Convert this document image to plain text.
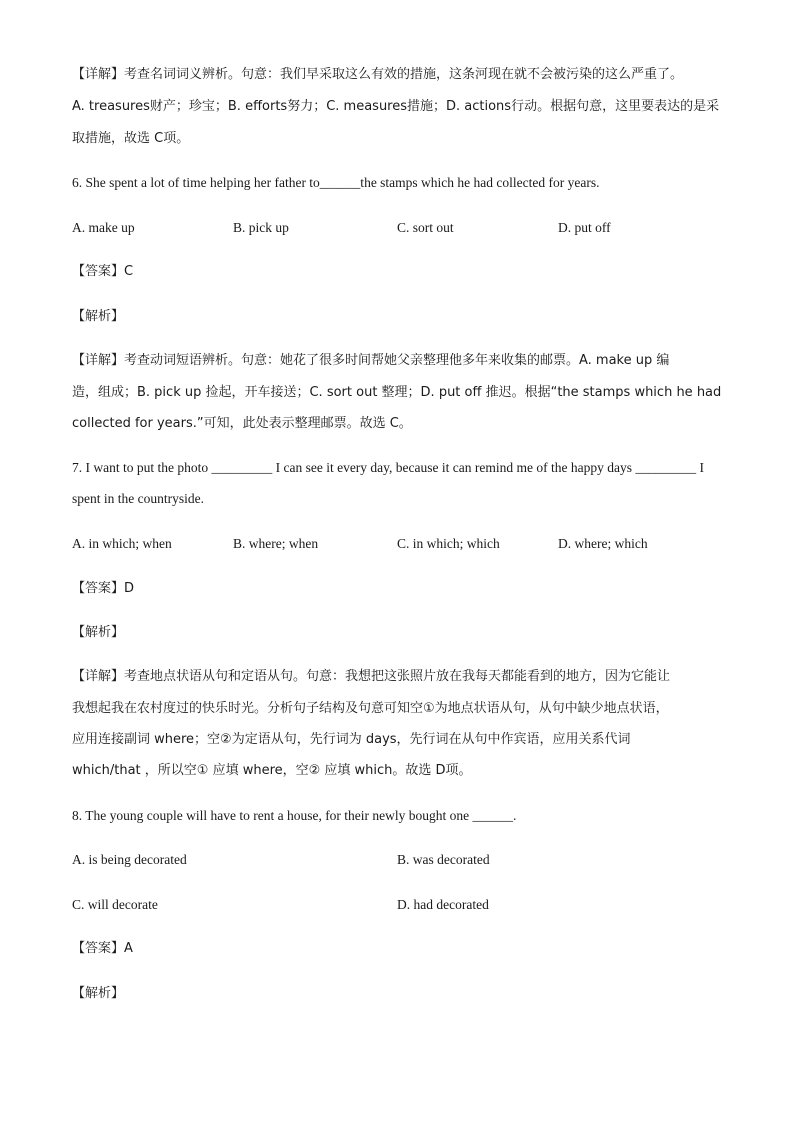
【详解】考查名词词义辨析。句意：我们早采取这么有效的措施，这条河现在就不会被污染的这么严重了。
A. treasures财产；珍宝；B. efforts努力；C. measures措施；D. actions行动。根据句意，这里要表达的是采
取措施，故选 C项。
6. She spent a lot of time helping her father to______the stamps which he had collected for years.
A. make up	B. pick up	C. sort out	D. put off
【答案】C
【解析】
【详解】考查动词短语辨析。句意：她花了很多时间帮她父亲整理他多年来收集的邮票。A. make up 编
造，组成；B. pick up 捡起，开车接送；C. sort out 整理；D. put off 推迟。根据“the stamps which he had
collected for years.”可知，此处表示整理邮票。故选 C。
7. I want to put the photo _________ I can see it every day, because it can remind me of the happy days _________ I
spent in the countryside.
A. in which; when	B. where; when	C. in which; which	D. where; which
【答案】D
【解析】
【详解】考查地点状语从句和定语从句。句意：我想把这张照片放在我每天都能看到的地方，因为它能让
我想起我在农村度过的快乐时光。分析句子结构及句意可知空①为地点状语从句，从句中缺少地点状语，
应用连接副词 where；空②为定语从句，先行词为 days，先行词在从句中作宾语，应用关系代词
which/that ，所以空① 应填 where，空② 应填 which。故选 D项。
8. The young couple will have to rent a house, for their newly bought one ______.
A. is being decorated	B. was decorated
C. will decorate	D. had decorated
【答案】A
【解析】
